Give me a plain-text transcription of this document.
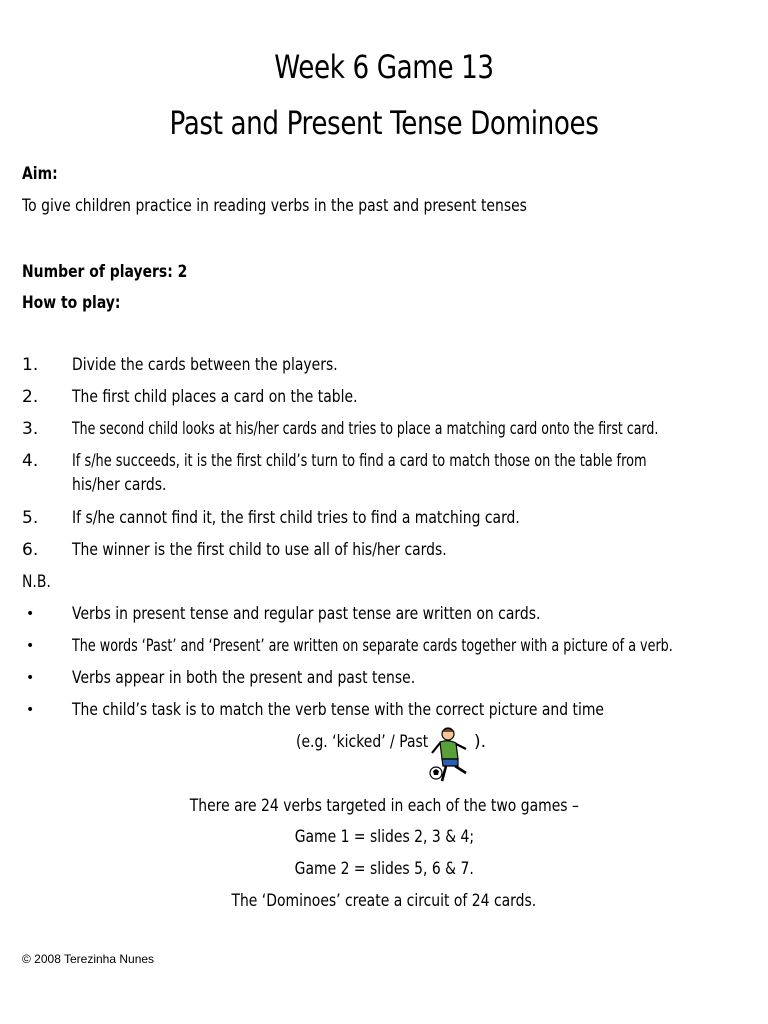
Week 6 Game 13
Past and Present Tense Dominoes
Aim:
To give children practice in reading verbs in the past and present tenses
Number of players: 2
How to play:
1. Divide the cards between the players.
2. The first child places a card on the table.
3. The second child looks at his/her cards and tries to place a matching card onto the first card.
4. If s/he succeeds, it is the first child’s turn to find a card to match those on the table from
his/her cards.
5. If s/he cannot find it, the first child tries to find a matching card.
6. The winner is the first child to use all of his/her cards.
N.B.
• Verbs in present tense and regular past tense are written on cards.
• The words ‘Past’ and ‘Present’ are written on separate cards together with a picture of a verb.
• Verbs appear in both the present and past tense.
• The child’s task is to match the verb tense with the correct picture and time
(e.g. ‘kicked’ / Past	).
There are 24 verbs targeted in each of the two games –
Game 1 = slides 2, 3 & 4;
Game 2 = slides 5, 6 & 7.
The ‘Dominoes’ create a circuit of 24 cards.
© 2008 Terezinha Nunes
